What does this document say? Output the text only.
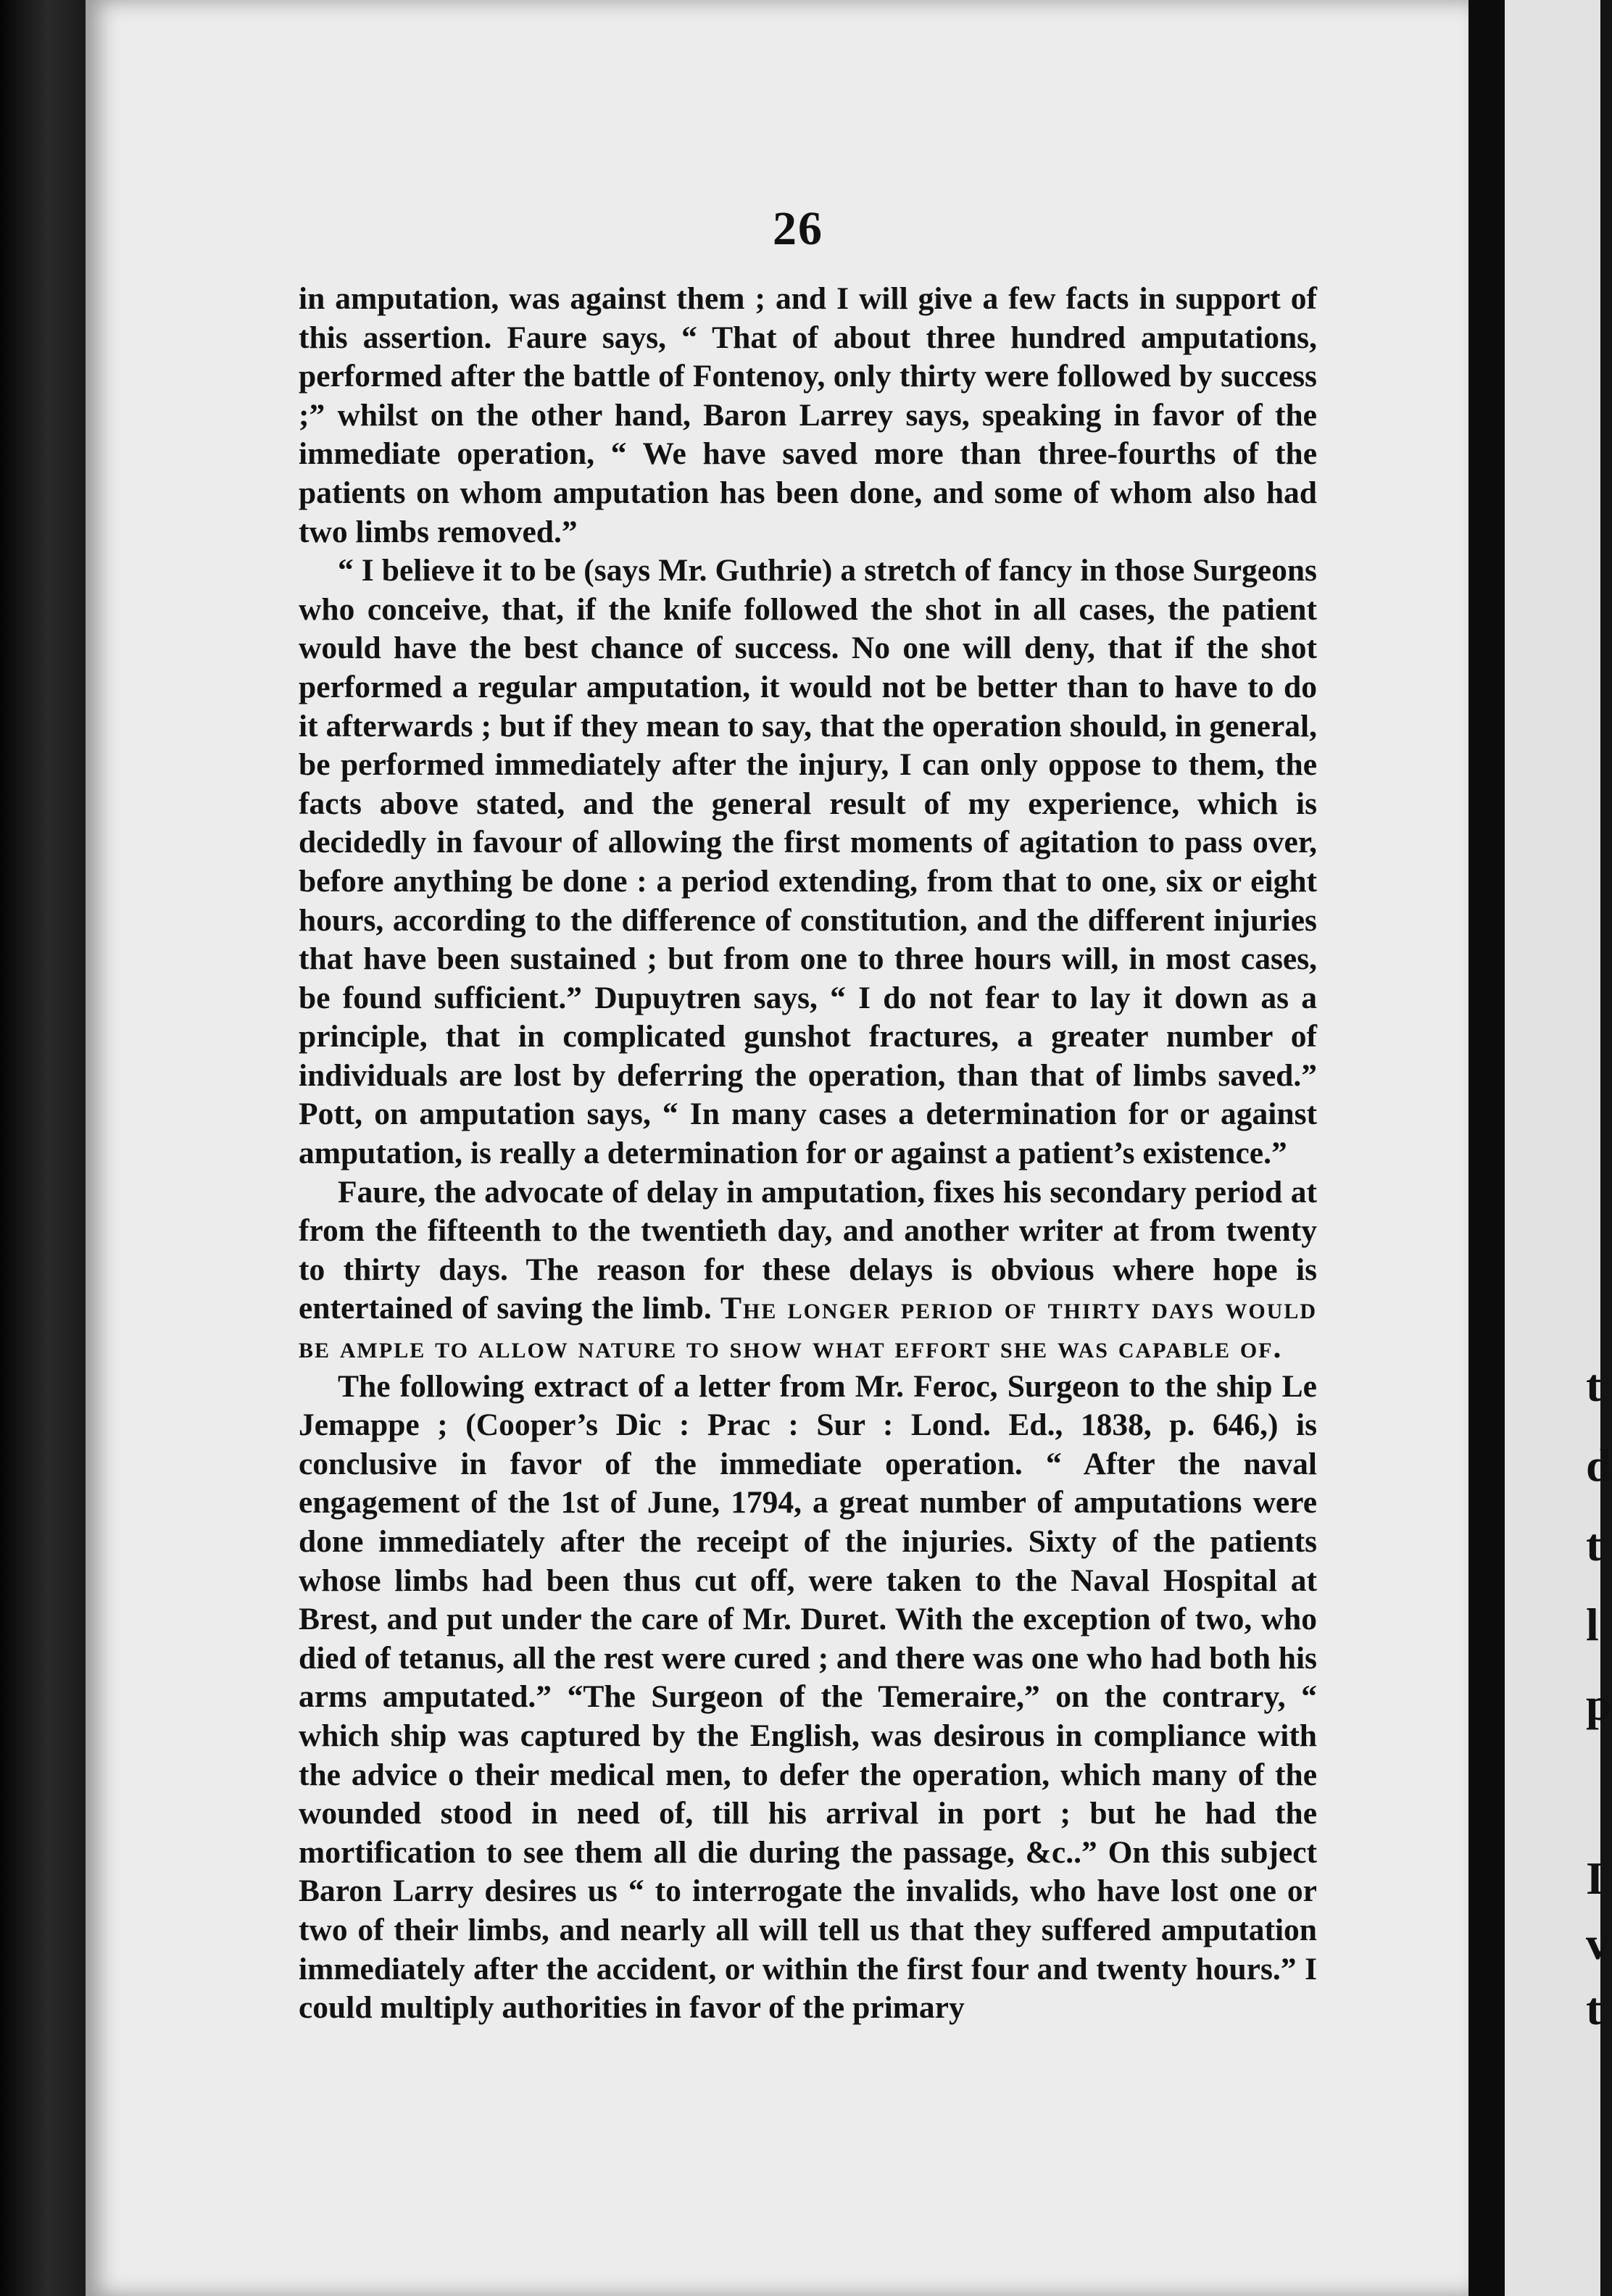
26

in amputation, was against them ; and I will give a few facts in support of this assertion. Faure says, “ That of about three hundred amputations, performed after the battle of Fontenoy, only thirty were followed by success ;” whilst on the other hand, Baron Larrey says, speaking in favor of the immediate operation, “ We have saved more than three-fourths of the patients on whom amputation has been done, and some of whom also had two limbs removed.”

“ I believe it to be (says Mr. Guthrie) a stretch of fancy in those Surgeons who conceive, that, if the knife followed the shot in all cases, the patient would have the best chance of success. No one will deny, that if the shot performed a regular amputation, it would not be better than to have to do it afterwards ; but if they mean to say, that the operation should, in general, be performed immediately after the injury, I can only oppose to them, the facts above stated, and the general result of my experience, which is decidedly in favour of allowing the first moments of agitation to pass over, before anything be done : a period extending, from that to one, six or eight hours, according to the difference of constitution, and the different injuries that have been sustained ; but from one to three hours will, in most cases, be found sufficient.” Dupuytren says, “ I do not fear to lay it down as a principle, that in complicated gunshot fractures, a greater number of individuals are lost by deferring the operation, than that of limbs saved.” Pott, on amputation says, “ In many cases a determination for or against amputation, is really a determination for or against a patient’s existence.”

Faure, the advocate of delay in amputation, fixes his secondary period at from the fifteenth to the twentieth day, and another writer at from twenty to thirty days. The reason for these delays is obvious where hope is entertained of saving the limb. The longer period of thirty days would be ample to allow nature to show what effort she was capable of.

The following extract of a letter from Mr. Feroc, Surgeon to the ship Le Jemappe ; (Cooper’s Dic : Prac : Sur : Lond. Ed., 1838, p. 646,) is conclusive in favor of the immediate operation. “ After the naval engagement of the 1st of June, 1794, a great number of amputations were done immediately after the receipt of the injuries. Sixty of the patients whose limbs had been thus cut off, were taken to the Naval Hospital at Brest, and put under the care of Mr. Duret. With the exception of two, who died of tetanus, all the rest were cured ; and there was one who had both his arms amputated.” “The Surgeon of the Temeraire,” on the contrary, “ which ship was captured by the English, was desirous in compliance with the advice o their medical men, to defer the operation, which many of the wounded stood in need of, till his arrival in port ; but he had the mortification to see them all die during the passage, &c..” On this subject Baron Larry desires us “ to interrogate the invalids, who have lost one or two of their limbs, and nearly all will tell us that they suffered amputation immediately after the accident, or within the first four and twenty hours.” I could multiply authorities in favor of the primary

t
d
t
l
p
I
v
t
